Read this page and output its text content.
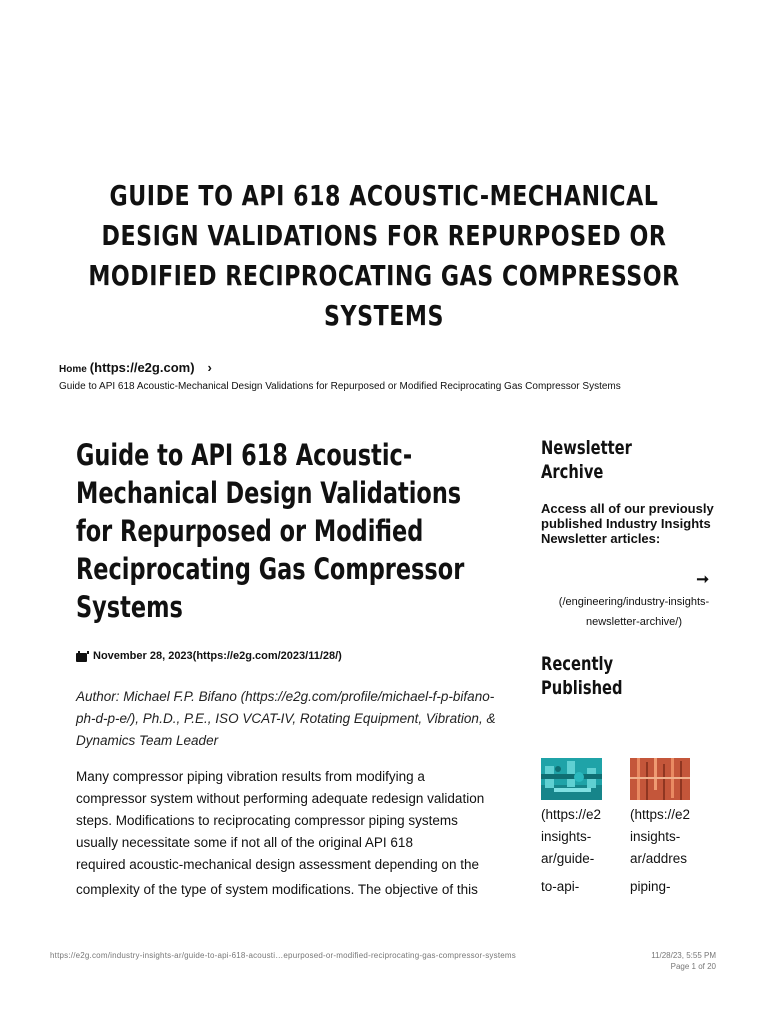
GUIDE TO API 618 ACOUSTIC-MECHANICAL DESIGN VALIDATIONS FOR REPURPOSED OR MODIFIED RECIPROCATING GAS COMPRESSOR SYSTEMS
Home (https://e2g.com) ›
Guide to API 618 Acoustic-Mechanical Design Validations for Repurposed or Modified Reciprocating Gas Compressor Systems
Guide to API 618 Acoustic-Mechanical Design Validations for Repurposed or Modified Reciprocating Gas Compressor Systems
November 28, 2023(https://e2g.com/2023/11/28/)

Author: Michael F.P. Bifano (https://e2g.com/profile/michael-f-p-bifano-ph-d-p-e/), Ph.D., P.E., ISO VCAT-IV, Rotating Equipment, Vibration, & Dynamics Team Leader

Many compressor piping vibration results from modifying a
compressor system without performing adequate redesign validation
steps. Modifications to reciprocating compressor piping systems
usually necessitate some if not all of the original API 618
required acoustic-mechanical design assessment depending on the
complexity of the type of system modifications. The objective of this
Newsletter Archive

Access all of our previously published Industry Insights Newsletter articles:

➞
(/engineering/industry-insights-newsletter-archive/)
Recently Published
(https://e2
insights-
ar/guide-
to-api-
(https://e2
insights-
ar/addres
piping-
https://e2g.com/industry-insights-ar/guide-to-api-618-acousti…epurposed-or-modified-reciprocating-gas-compressor-systems	11/28/23, 5:55 PM
Page 1 of 20
